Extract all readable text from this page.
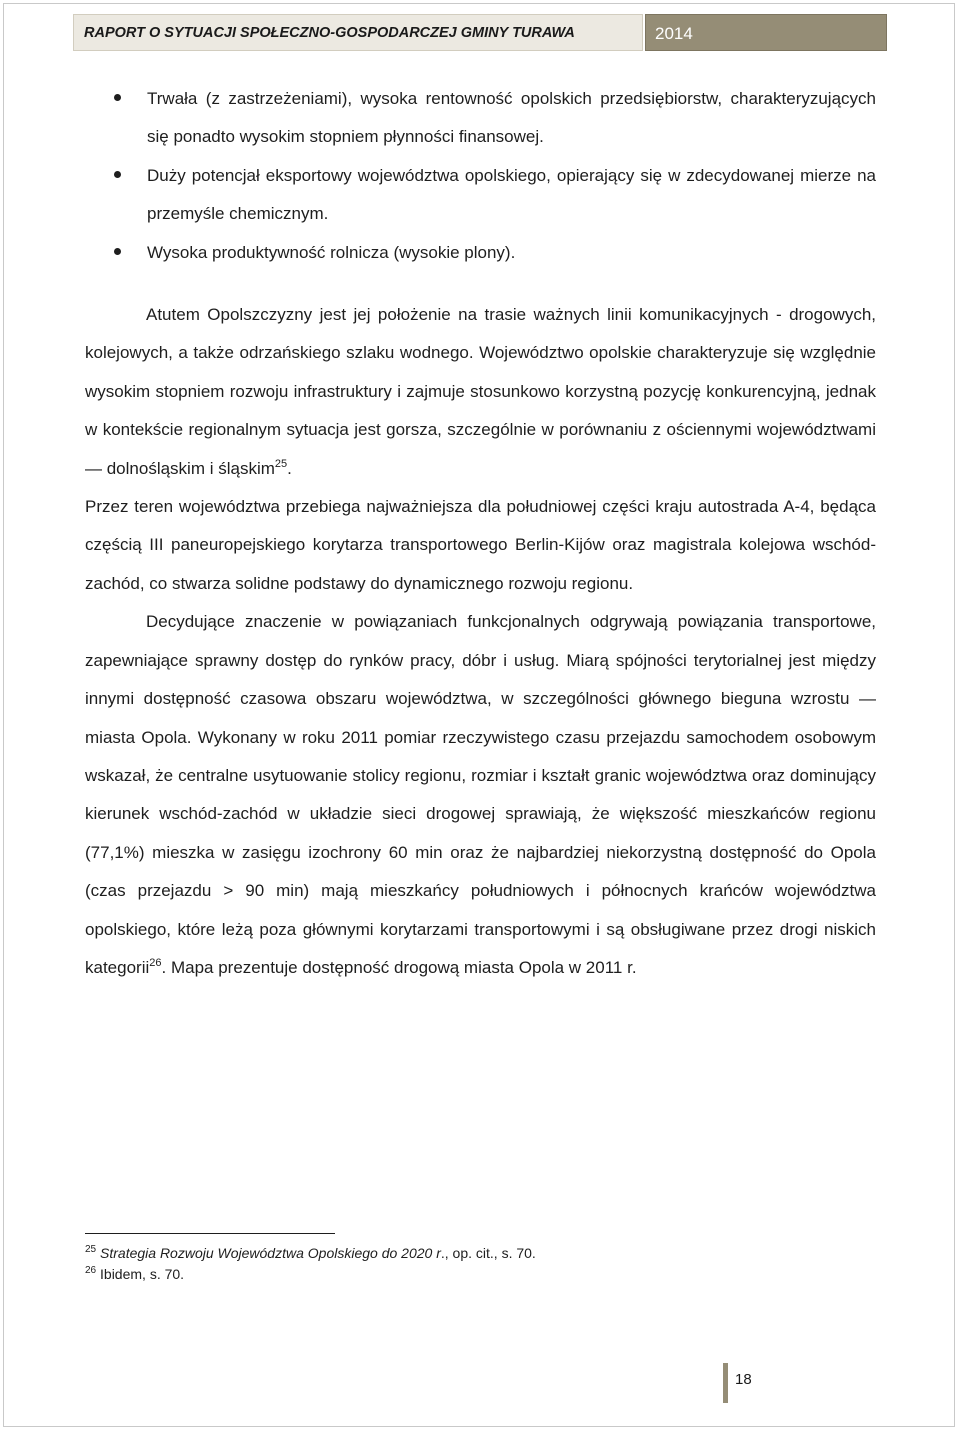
RAPORT O SYTUACJI SPOŁECZNO-GOSPODARCZEJ GMINY TURAWA	2014
Trwała (z zastrzeżeniami), wysoka rentowność opolskich przedsiębiorstw, charakteryzujących się ponadto wysokim stopniem płynności finansowej.
Duży potencjał eksportowy województwa opolskiego, opierający się w zdecydowanej mierze na przemyśle chemicznym.
Wysoka produktywność rolnicza (wysokie plony).

Atutem Opolszczyzny jest jej położenie na trasie ważnych linii komunikacyjnych - drogowych, kolejowych, a także odrzańskiego szlaku wodnego. Województwo opolskie charakteryzuje się względnie wysokim stopniem rozwoju infrastruktury i zajmuje stosunkowo korzystną pozycję konkurencyjną, jednak w kontekście regionalnym sytuacja jest gorsza, szczególnie w porównaniu z ościennymi województwami — dolnośląskim i śląskim$^{25}$.

Przez teren województwa przebiega najważniejsza dla południowej części kraju autostrada A-4, będąca częścią III paneuropejskiego korytarza transportowego Berlin-Kijów oraz magistrala kolejowa wschód-zachód, co stwarza solidne podstawy do dynamicznego rozwoju regionu.

Decydujące znaczenie w powiązaniach funkcjonalnych odgrywają powiązania transportowe, zapewniające sprawny dostęp do rynków pracy, dóbr i usług. Miarą spójności terytorialnej jest między innymi dostępność czasowa obszaru województwa, w szczególności głównego bieguna wzrostu — miasta Opola. Wykonany w roku 2011 pomiar rzeczywistego czasu przejazdu samochodem osobowym wskazał, że centralne usytuowanie stolicy regionu, rozmiar i kształt granic województwa oraz dominujący kierunek wschód-zachód w układzie sieci drogowej sprawiają, że większość mieszkańców regionu (77,1%) mieszka w zasięgu izochrony 60 min oraz że najbardziej niekorzystną dostępność do Opola (czas przejazdu > 90 min) mają mieszkańcy południowych i północnych krańców województwa opolskiego, które leżą poza głównymi korytarzami transportowymi i są obsługiwane przez drogi niskich kategorii$^{26}$. Mapa prezentuje dostępność drogową miasta Opola w 2011 r.

$^{25}$ Strategia Rozwoju Województwa Opolskiego do 2020 r., op. cit., s. 70.
$^{26}$ Ibidem, s. 70.
18
